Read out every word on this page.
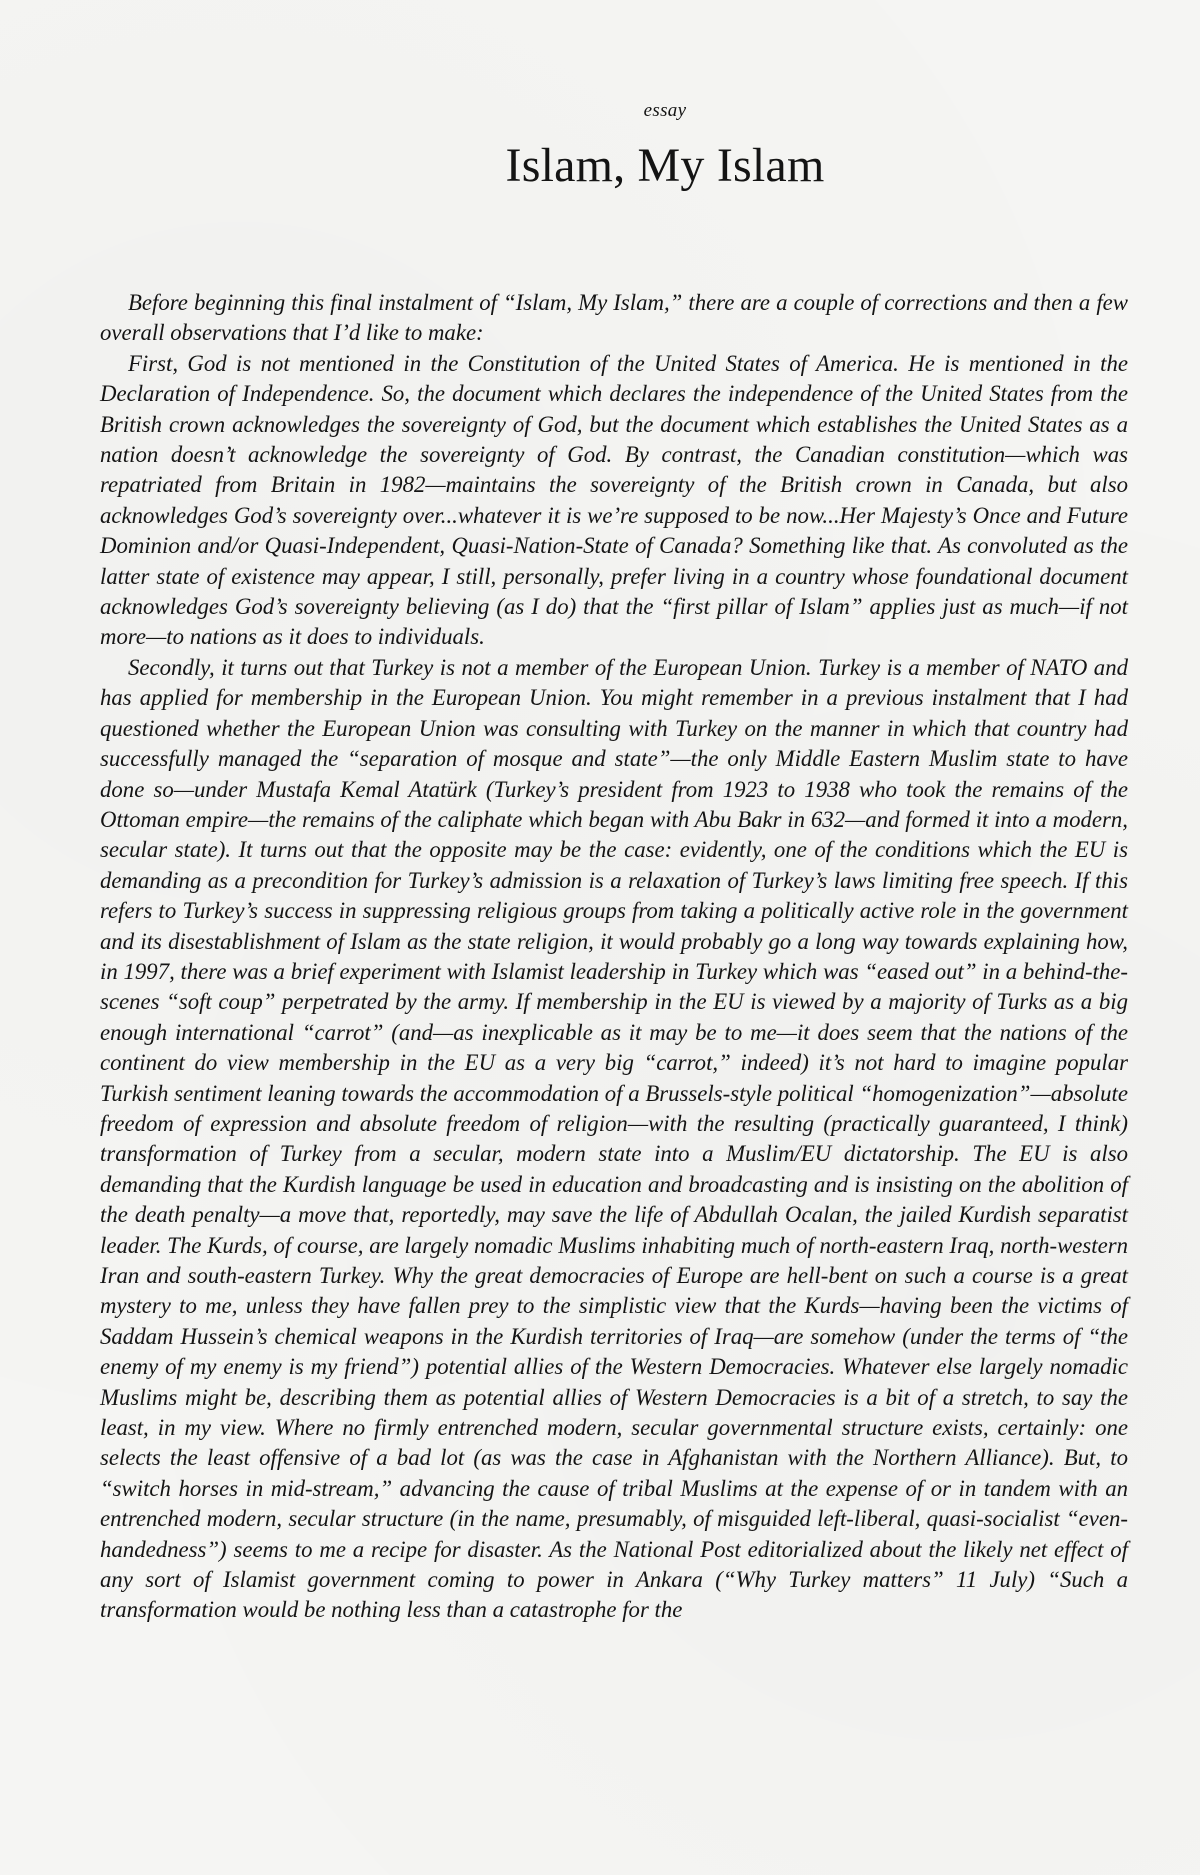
essay
Islam, My Islam

Before beginning this final instalment of “Islam, My Islam,” there are a couple of corrections and then a few overall observations that I’d like to make:

First, God is not mentioned in the Constitution of the United States of America. He is mentioned in the Declaration of Independence. So, the document which declares the independence of the United States from the British crown acknowledges the sovereignty of God, but the document which establishes the United States as a nation doesn’t acknowledge the sovereignty of God. By contrast, the Canadian constitution—which was repatriated from Britain in 1982—maintains the sovereignty of the British crown in Canada, but also acknowledges God’s sovereignty over...whatever it is we’re supposed to be now...Her Majesty’s Once and Future Dominion and/or Quasi-Independent, Quasi-Nation-State of Canada? Something like that. As convoluted as the latter state of existence may appear, I still, personally, prefer living in a country whose foundational document acknowledges God’s sovereignty believing (as I do) that the “first pillar of Islam” applies just as much—if not more—to nations as it does to individuals.

Secondly, it turns out that Turkey is not a member of the European Union. Turkey is a member of NATO and has applied for membership in the European Union. You might remember in a previous instalment that I had questioned whether the European Union was consulting with Turkey on the manner in which that country had successfully managed the “separation of mosque and state”—the only Middle Eastern Muslim state to have done so—under Mustafa Kemal Atatürk (Turkey’s president from 1923 to 1938 who took the remains of the Ottoman empire—the remains of the caliphate which began with Abu Bakr in 632—and formed it into a modern, secular state). It turns out that the opposite may be the case: evidently, one of the conditions which the EU is demanding as a precondition for Turkey’s admission is a relaxation of Turkey’s laws limiting free speech. If this refers to Turkey’s success in suppressing religious groups from taking a politically active role in the government and its disestablishment of Islam as the state religion, it would probably go a long way towards explaining how, in 1997, there was a brief experiment with Islamist leadership in Turkey which was “eased out” in a behind-the-scenes “soft coup” perpetrated by the army. If membership in the EU is viewed by a majority of Turks as a big enough international “carrot” (and—as inexplicable as it may be to me—it does seem that the nations of the continent do view membership in the EU as a very big “carrot,” indeed) it’s not hard to imagine popular Turkish sentiment leaning towards the accommodation of a Brussels-style political “homogenization”—absolute freedom of expression and absolute freedom of religion—with the resulting (practically guaranteed, I think) transformation of Turkey from a secular, modern state into a Muslim/EU dictatorship. The EU is also demanding that the Kurdish language be used in education and broadcasting and is insisting on the abolition of the death penalty—a move that, reportedly, may save the life of Abdullah Ocalan, the jailed Kurdish separatist leader. The Kurds, of course, are largely nomadic Muslims inhabiting much of north-eastern Iraq, north-western Iran and south-eastern Turkey. Why the great democracies of Europe are hell-bent on such a course is a great mystery to me, unless they have fallen prey to the simplistic view that the Kurds—having been the victims of Saddam Hussein’s chemical weapons in the Kurdish territories of Iraq—are somehow (under the terms of “the enemy of my enemy is my friend”) potential allies of the Western Democracies. Whatever else largely nomadic Muslims might be, describing them as potential allies of Western Democracies is a bit of a stretch, to say the least, in my view. Where no firmly entrenched modern, secular governmental structure exists, certainly: one selects the least offensive of a bad lot (as was the case in Afghanistan with the Northern Alliance). But, to “switch horses in mid-stream,” advancing the cause of tribal Muslims at the expense of or in tandem with an entrenched modern, secular structure (in the name, presumably, of misguided left-liberal, quasi-socialist “even-handedness”) seems to me a recipe for disaster. As the National Post editorialized about the likely net effect of any sort of Islamist government coming to power in Ankara (“Why Turkey matters” 11 July) “Such a transformation would be nothing less than a catastrophe for the
